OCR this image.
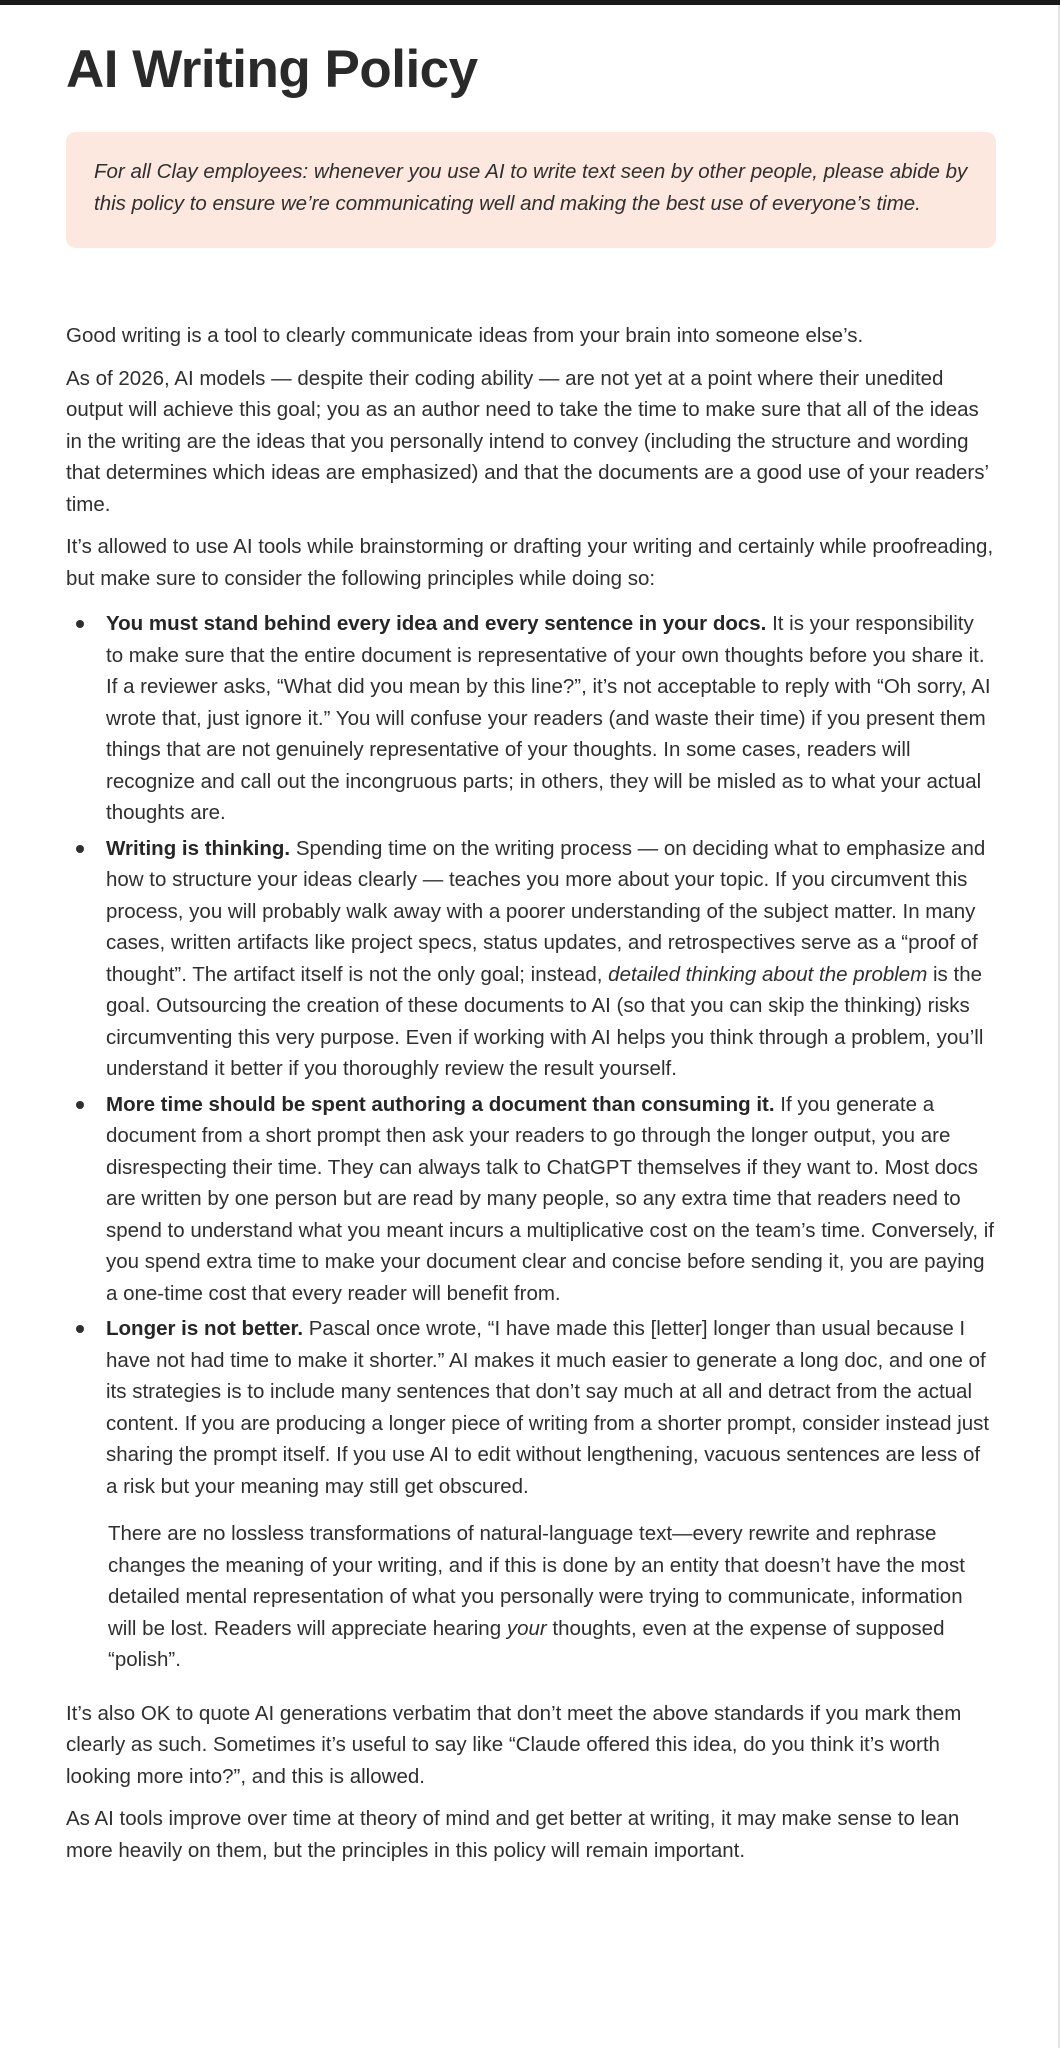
AI Writing Policy
For all Clay employees: whenever you use AI to write text seen by other people, please abide by this policy to ensure we’re communicating well and making the best use of everyone’s time.

Good writing is a tool to clearly communicate ideas from your brain into someone else’s.

As of 2026, AI models — despite their coding ability — are not yet at a point where their unedited output will achieve this goal; you as an author need to take the time to make sure that all of the ideas in the writing are the ideas that you personally intend to convey (including the structure and wording that determines which ideas are emphasized) and that the documents are a good use of your readers’ time.

It’s allowed to use AI tools while brainstorming or drafting your writing and certainly while proofreading, but make sure to consider the following principles while doing so:

You must stand behind every idea and every sentence in your docs. It is your responsibility to make sure that the entire document is representative of your own thoughts before you share it. If a reviewer asks, “What did you mean by this line?”, it’s not acceptable to reply with “Oh sorry, AI wrote that, just ignore it.” You will confuse your readers (and waste their time) if you present them things that are not genuinely representative of your thoughts. In some cases, readers will recognize and call out the incongruous parts; in others, they will be misled as to what your actual thoughts are.
Writing is thinking. Spending time on the writing process — on deciding what to emphasize and how to structure your ideas clearly — teaches you more about your topic. If you circumvent this process, you will probably walk away with a poorer understanding of the subject matter. In many cases, written artifacts like project specs, status updates, and retrospectives serve as a “proof of thought”. The artifact itself is not the only goal; instead, detailed thinking about the problem is the goal. Outsourcing the creation of these documents to AI (so that you can skip the thinking) risks circumventing this very purpose. Even if working with AI helps you think through a problem, you’ll understand it better if you thoroughly review the result yourself.
More time should be spent authoring a document than consuming it. If you generate a document from a short prompt then ask your readers to go through the longer output, you are disrespecting their time. They can always talk to ChatGPT themselves if they want to. Most docs are written by one person but are read by many people, so any extra time that readers need to spend to understand what you meant incurs a multiplicative cost on the team’s time. Conversely, if you spend extra time to make your document clear and concise before sending it, you are paying a one-time cost that every reader will benefit from.
Longer is not better. Pascal once wrote, “I have made this [letter] longer than usual because I have not had time to make it shorter.” AI makes it much easier to generate a long doc, and one of its strategies is to include many sentences that don’t say much at all and detract from the actual content. If you are producing a longer piece of writing from a shorter prompt, consider instead just sharing the prompt itself. If you use AI to edit without lengthening, vacuous sentences are less of a risk but your meaning may still get obscured.

There are no lossless transformations of natural-language text—every rewrite and rephrase changes the meaning of your writing, and if this is done by an entity that doesn’t have the most detailed mental representation of what you personally were trying to communicate, information will be lost. Readers will appreciate hearing your thoughts, even at the expense of supposed “polish”.

It’s also OK to quote AI generations verbatim that don’t meet the above standards if you mark them clearly as such. Sometimes it’s useful to say like “Claude offered this idea, do you think it’s worth looking more into?”, and this is allowed.

As AI tools improve over time at theory of mind and get better at writing, it may make sense to lean more heavily on them, but the principles in this policy will remain important.
